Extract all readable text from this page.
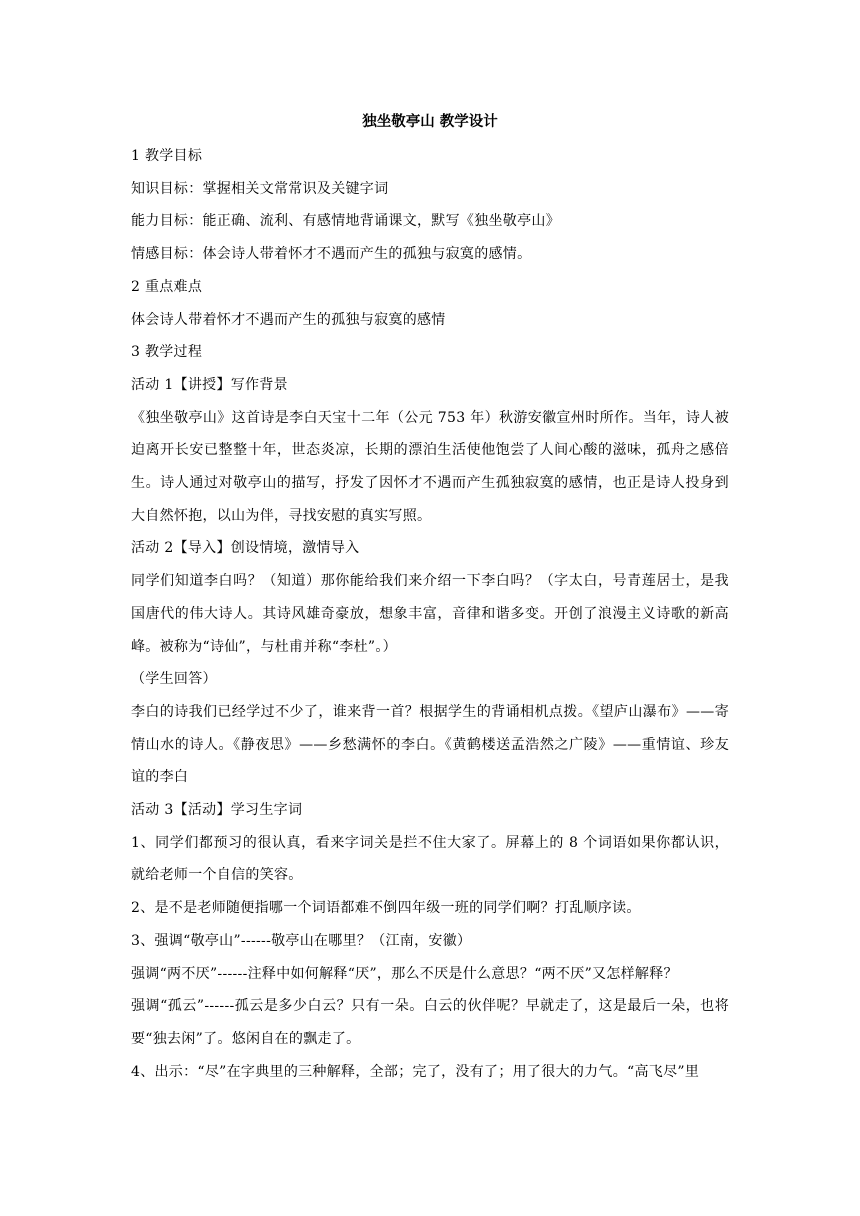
独坐敬亭山 教学设计
1 教学目标
知识目标：掌握相关文常常识及关键字词
能力目标：能正确、流利、有感情地背诵课文，默写《独坐敬亭山》
情感目标：体会诗人带着怀才不遇而产生的孤独与寂寞的感情。
2 重点难点
体会诗人带着怀才不遇而产生的孤独与寂寞的感情
3 教学过程
活动 1【讲授】写作背景
《独坐敬亭山》这首诗是李白天宝十二年（公元 753 年）秋游安徽宣州时所作。当年，诗人被迫离开长安已整整十年，世态炎凉，长期的漂泊生活使他饱尝了人间心酸的滋味，孤舟之感倍生。诗人通过对敬亭山的描写，抒发了因怀才不遇而产生孤独寂寞的感情，也正是诗人投身到大自然怀抱，以山为伴，寻找安慰的真实写照。
活动 2【导入】创设情境，激情导入
同学们知道李白吗？（知道）那你能给我们来介绍一下李白吗？（字太白，号青莲居士，是我国唐代的伟大诗人。其诗风雄奇豪放，想象丰富，音律和谐多变。开创了浪漫主义诗歌的新高峰。被称为“诗仙”，与杜甫并称“李杜”。）
（学生回答）
李白的诗我们已经学过不少了，谁来背一首？根据学生的背诵相机点拨。《望庐山瀑布》——寄情山水的诗人。《静夜思》——乡愁满怀的李白。《黄鹤楼送孟浩然之广陵》——重情谊、珍友谊的李白
活动 3【活动】学习生字词
1、同学们都预习的很认真，看来字词关是拦不住大家了。屏幕上的 8 个词语如果你都认识，就给老师一个自信的笑容。
2、是不是老师随便指哪一个词语都难不倒四年级一班的同学们啊？打乱顺序读。
3、强调“敬亭山”------敬亭山在哪里？（江南，安徽）
强调“两不厌”------注释中如何解释“厌”，那么不厌是什么意思？“两不厌”又怎样解释？
强调“孤云”------孤云是多少白云？只有一朵。白云的伙伴呢？早就走了，这是最后一朵，也将要“独去闲”了。悠闲自在的飘走了。
4、出示：“尽”在字典里的三种解释，全部；完了，没有了；用了很大的力气。“高飞尽”里
